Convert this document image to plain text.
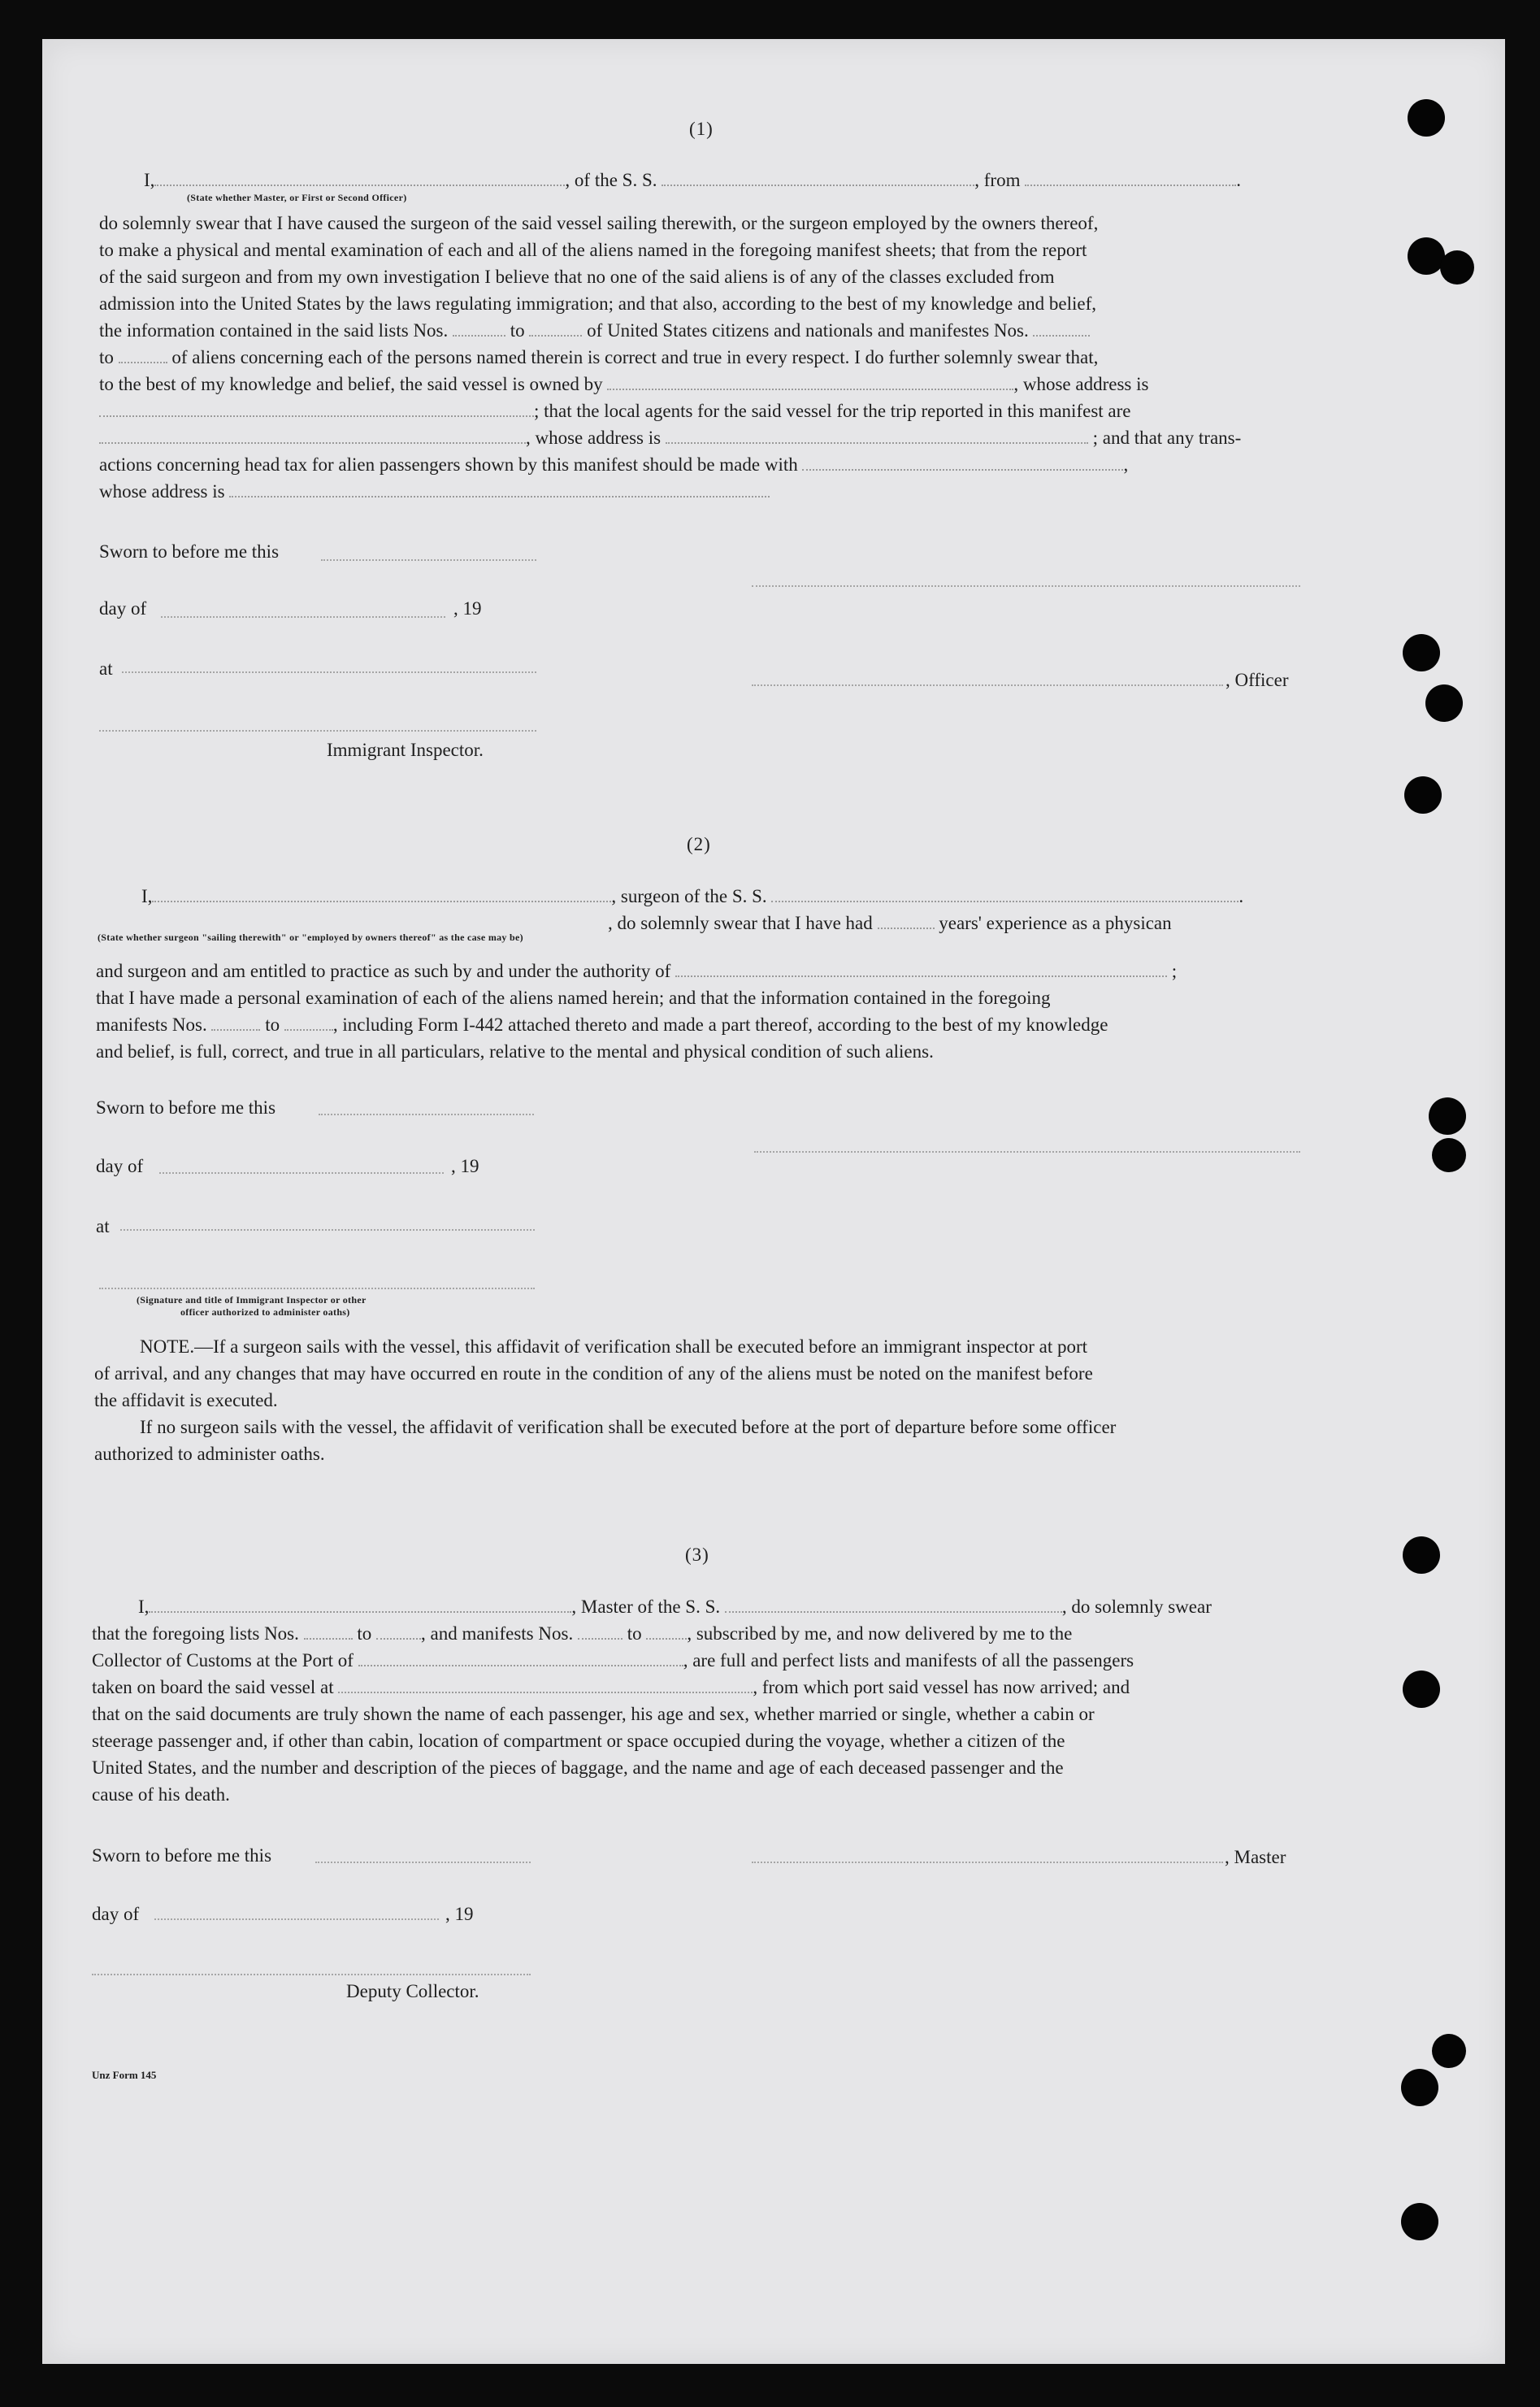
(1)
I,	, of the S. S.	, from	.
(State whether Master, or First or Second Officer)
do solemnly swear that I have caused the surgeon of the said vessel sailing therewith, or the surgeon employed by the owners thereof,
to make a physical and mental examination of each and all of the aliens named in the foregoing manifest sheets; that from the report
of the said surgeon and from my own investigation I believe that no one of the said aliens is of any of the classes excluded from
admission into the United States by the laws regulating immigration; and that also, according to the best of my knowledge and belief,
the information contained in the said lists Nos.	to	of United States citizens and nationals and manifestes Nos.
to	of aliens concerning each of the persons named therein is correct and true in every respect. I do further solemnly swear that,
to the best of my knowledge and belief, the said vessel is owned by	, whose address is
; that the local agents for the said vessel for the trip reported in this manifest are
, whose address is	; and that any trans-
actions concerning head tax for alien passengers shown by this manifest should be made with	,
whose address is
Sworn to before me this
day of	, 19
at
, Officer
Immigrant Inspector.
(2)
I,	, surgeon of the S. S.	.
, do solemnly swear that I have had	years' experience as a physican
(State whether surgeon "sailing therewith" or "employed by owners thereof" as the case may be)
and surgeon and am entitled to practice as such by and under the authority of	;
that I have made a personal examination of each of the aliens named herein; and that the information contained in the foregoing
manifests Nos.	to	, including Form I-442 attached thereto and made a part thereof, according to the best of my knowledge
and belief, is full, correct, and true in all particulars, relative to the mental and physical condition of such aliens.
Sworn to before me this
day of	, 19
at
(Signature and title of Immigrant Inspector or other
officer authorized to administer oaths)
NOTE.—If a surgeon sails with the vessel, this affidavit of verification shall be executed before an immigrant inspector at port
of arrival, and any changes that may have occurred en route in the condition of any of the aliens must be noted on the manifest before
the affidavit is executed.
If no surgeon sails with the vessel, the affidavit of verification shall be executed before at the port of departure before some officer
authorized to administer oaths.
(3)
I,	, Master of the S. S.	, do solemnly swear
that the foregoing lists Nos.	to	, and manifests Nos.	to , subscribed by me, and now delivered by me to the
Collector of Customs at the Port of	, are full and perfect lists and manifests of all the passengers
taken on board the said vessel at	, from which port said vessel has now arrived; and
that on the said documents are truly shown the name of each passenger, his age and sex, whether married or single, whether a cabin or
steerage passenger and, if other than cabin, location of compartment or space occupied during the voyage, whether a citizen of the
United States, and the number and description of the pieces of baggage, and the name and age of each deceased passenger and the
cause of his death.
Sworn to before me this	, Master
day of	, 19
Deputy Collector.
Unz Form 145
